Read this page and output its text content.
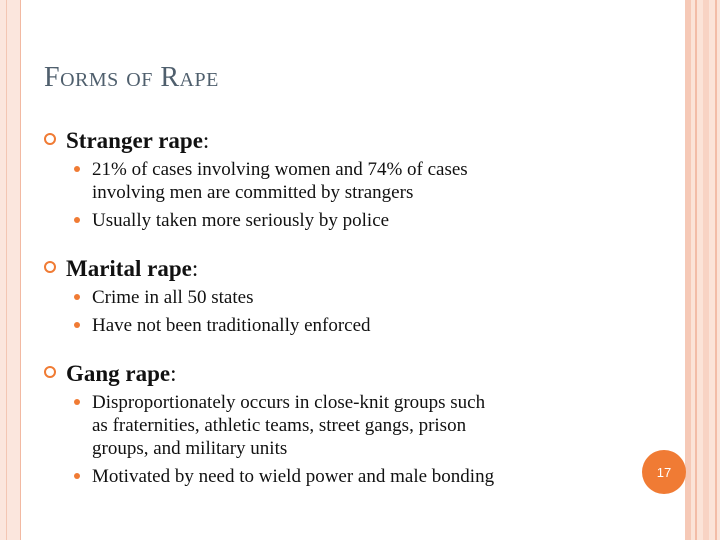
Forms of Rape
Stranger rape :
21% of cases involving women and 74% of cases
involving men are committed by strangers
Usually taken more seriously by police
Marital rape :
Crime in all 50 states
Have not been traditionally enforced
Gang rape :
Disproportionately occurs in close-knit groups such
as fraternities, athletic teams, street gangs, prison
groups, and military units
Motivated by need to wield power and male bonding	17
